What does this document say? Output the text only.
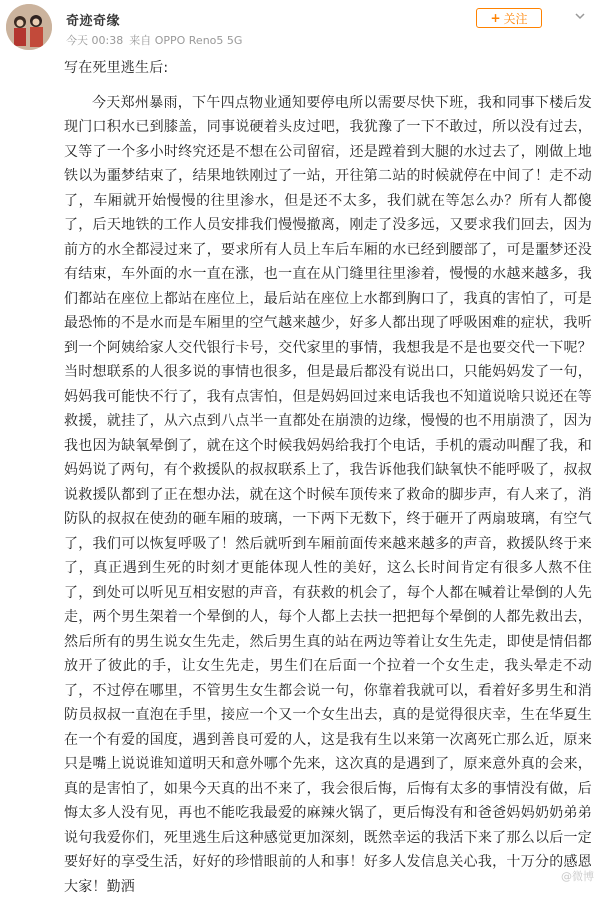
奇迹奇缘
今天 00:38 来自 OPPO Reno5 5G
+ 关注

写在死里逃生后:

今天郑州暴雨，下午四点物业通知要停电所以需要尽快下班，我和同事下楼后发现门口积水已到膝盖，同事说硬着头皮过吧，我犹豫了一下不敢过，所以没有过去，又等了一个多小时终究还是不想在公司留宿，还是蹚着到大腿的水过去了，刚做上地铁以为噩梦结束了，结果地铁刚过了一站，开往第二站的时候就停在中间了！走不动了，车厢就开始慢慢的往里渗水，但是还不太多，我们就在等怎么办？所有人都傻了，后天地铁的工作人员安排我们慢慢撤离，刚走了没多远，又要求我们回去，因为前方的水全都浸过来了，要求所有人员上车后车厢的水已经到腰部了，可是噩梦还没有结束，车外面的水一直在涨，也一直在从门缝里往里渗着，慢慢的水越来越多，我们都站在座位上都站在座位上，最后站在座位上水都到胸口了，我真的害怕了，可是最恐怖的不是水而是车厢里的空气越来越少，好多人都出现了呼吸困难的症状，我听到一个阿姨给家人交代银行卡号，交代家里的事情，我想我是不是也要交代一下呢？当时想联系的人很多说的事情也很多，但是最后都没有说出口，只能妈妈发了一句，妈妈我可能快不行了，我有点害怕，但是妈妈回过来电话我也不知道说啥只说还在等救援，就挂了，从六点到八点半一直都处在崩溃的边缘，慢慢的也不用崩溃了，因为我也因为缺氧晕倒了，就在这个时候我妈妈给我打个电话，手机的震动叫醒了我，和妈妈说了两句，有个救援队的叔叔联系上了，我告诉他我们缺氧快不能呼吸了，叔叔说救援队都到了正在想办法，就在这个时候车顶传来了救命的脚步声，有人来了，消防队的叔叔在使劲的砸车厢的玻璃，一下两下无数下，终于砸开了两扇玻璃，有空气了，我们可以恢复呼吸了！然后就听到车厢前面传来越来越多的声音，救援队终于来了，真正遇到生死的时刻才更能体现人性的美好，这么长时间肯定有很多人熬不住了，到处可以听见互相安慰的声音，有获救的机会了，每个人都在喊着让晕倒的人先走，两个男生架着一个晕倒的人，每个人都上去扶一把把每个晕倒的人都先救出去，然后所有的男生说女生先走，然后男生真的站在两边等着让女生先走，即使是情侣都放开了彼此的手，让女生先走，男生们在后面一个拉着一个女生走，我头晕走不动了，不过停在哪里，不管男生女生都会说一句，你靠着我就可以，看着好多男生和消防员叔叔一直泡在手里，接应一个又一个女生出去，真的是觉得很庆幸，生在华夏生在一个有爱的国度，遇到善良可爱的人，这是我有生以来第一次离死亡那么近，原来只是嘴上说说谁知道明天和意外哪个先来，这次真的是遇到了，原来意外真的会来，真的是害怕了，如果今天真的出不来了，我会很后悔，后悔有太多的事情没有做，后悔太多人没有见，再也不能吃我最爱的麻辣火锅了，更后悔没有和爸爸妈妈奶奶弟弟说句我爱你们，死里逃生后这种感觉更加深刻，既然幸运的我活下来了那么以后一定要好好的享受生活，好好的珍惜眼前的人和事！好多人发信息关心我，十万分的感恩大家！勤洒

@微博
